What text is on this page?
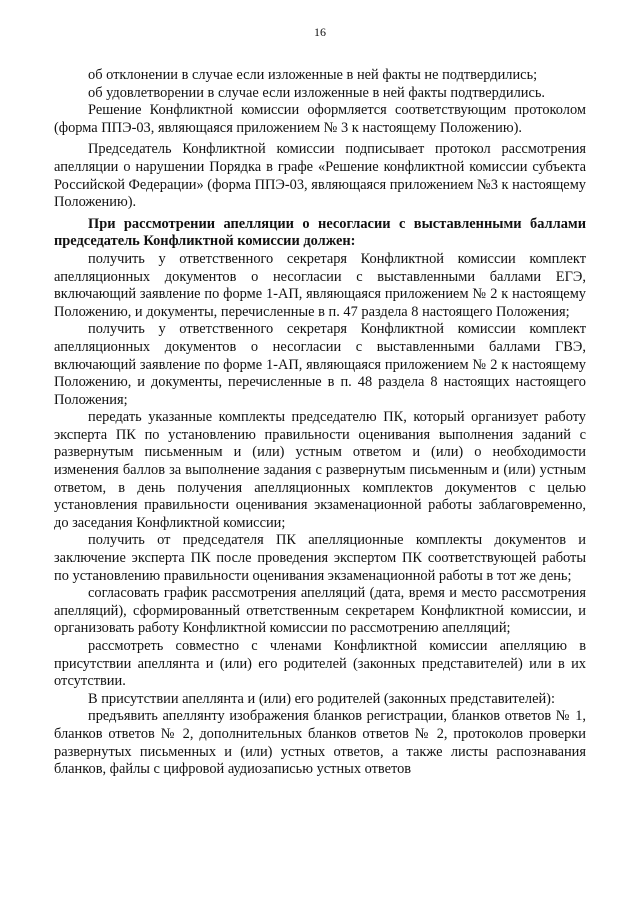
16

об отклонении в случае если изложенные в ней факты не подтвердились;

об удовлетворении в случае если изложенные в ней факты подтвердились.

Решение Конфликтной комиссии оформляется соответствующим протоколом (форма ППЭ-03, являющаяся приложением № 3 к настоящему Положению).

Председатель Конфликтной комиссии подписывает протокол рассмотрения апелляции о нарушении Порядка в графе «Решение конфликтной комиссии субъекта Российской Федерации» (форма ППЭ-03, являющаяся приложением №3 к настоящему Положению).

При рассмотрении апелляции о несогласии с выставленными баллами председатель Конфликтной комиссии должен:

получить у ответственного секретаря Конфликтной комиссии комплект апелляционных документов о несогласии с выставленными баллами ЕГЭ, включающий заявление по форме 1-АП, являющаяся приложением № 2 к настоящему Положению, и документы, перечисленные в п. 47 раздела 8 настоящего Положения;

получить у ответственного секретаря Конфликтной комиссии комплект апелляционных документов о несогласии с выставленными баллами ГВЭ, включающий заявление по форме 1-АП, являющаяся приложением № 2 к настоящему Положению, и документы, перечисленные в п. 48 раздела 8 настоящих настоящего Положения;

передать указанные комплекты председателю ПК, который организует работу эксперта ПК по установлению правильности оценивания выполнения заданий с развернутым письменным и (или) устным ответом и (или) о необходимости изменения баллов за выполнение задания с развернутым письменным и (или) устным ответом, в день получения апелляционных комплектов документов с целью установления правильности оценивания экзаменационной работы заблаговременно, до заседания Конфликтной комиссии;

получить от председателя ПК апелляционные комплекты документов и заключение эксперта ПК после проведения экспертом ПК соответствующей работы по установлению правильности оценивания экзаменационной работы в тот же день;

согласовать график рассмотрения апелляций (дата, время и место рассмотрения апелляций), сформированный ответственным секретарем Конфликтной комиссии, и организовать работу Конфликтной комиссии по рассмотрению апелляций;

рассмотреть совместно с членами Конфликтной комиссии апелляцию в присутствии апеллянта и (или) его родителей (законных представителей) или в их отсутствии.

В присутствии апеллянта и (или) его родителей (законных представителей):

предъявить апеллянту изображения бланков регистрации, бланков ответов № 1, бланков ответов № 2, дополнительных бланков ответов № 2, протоколов проверки развернутых письменных и (или) устных ответов, а также листы распознавания бланков, файлы с цифровой аудиозаписью устных ответов
